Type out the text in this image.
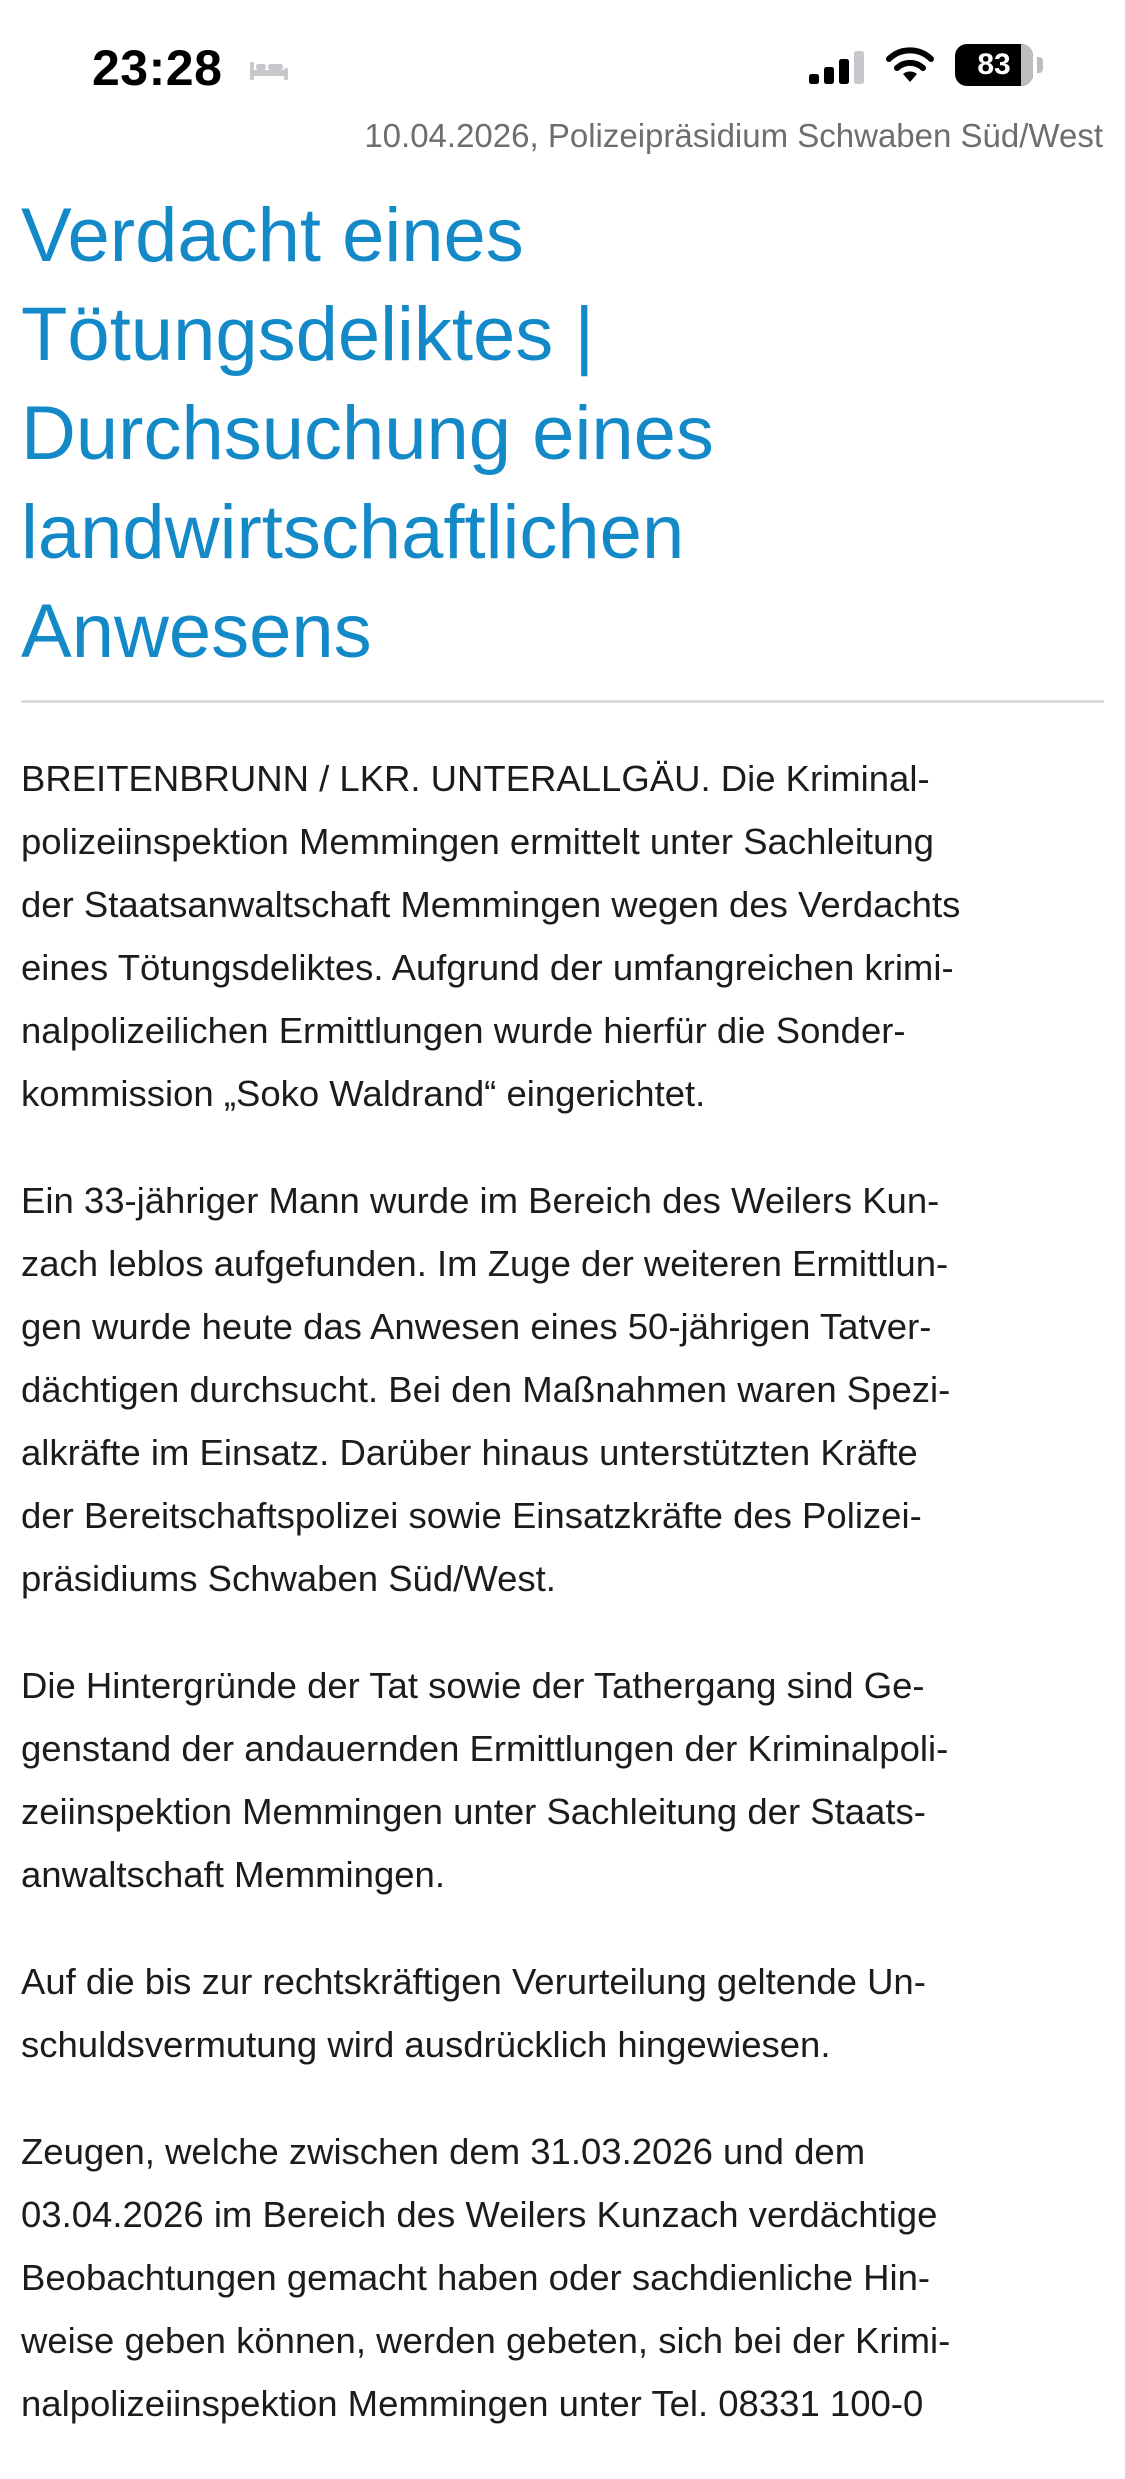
23:28	83
10.04.2026, Polizeipräsidium Schwaben Süd/West
Verdacht eines
Tötungsdeliktes |
Durchsuchung eines
landwirtschaftlichen
Anwesens

BREITENBRUNN / LKR. UNTERALLGÄU. Die Kriminal-
polizeiinspektion Memmingen ermittelt unter Sachleitung
der Staatsanwaltschaft Memmingen wegen des Verdachts
eines Tötungsdeliktes. Aufgrund der umfangreichen krimi-
nalpolizeilichen Ermittlungen wurde hierfür die Sonder-
kommission „Soko Waldrand“ eingerichtet.

Ein 33-jähriger Mann wurde im Bereich des Weilers Kun-
zach leblos aufgefunden. Im Zuge der weiteren Ermittlun-
gen wurde heute das Anwesen eines 50-jährigen Tatver-
dächtigen durchsucht. Bei den Maßnahmen waren Spezi-
alkräfte im Einsatz. Darüber hinaus unterstützten Kräfte
der Bereitschaftspolizei sowie Einsatzkräfte des Polizei-
präsidiums Schwaben Süd/West.

Die Hintergründe der Tat sowie der Tathergang sind Ge-
genstand der andauernden Ermittlungen der Kriminalpoli-
zeiinspektion Memmingen unter Sachleitung der Staats-
anwaltschaft Memmingen.

Auf die bis zur rechtskräftigen Verurteilung geltende Un-
schuldsvermutung wird ausdrücklich hingewiesen.

Zeugen, welche zwischen dem 31.03.2026 und dem
03.04.2026 im Bereich des Weilers Kunzach verdächtige
Beobachtungen gemacht haben oder sachdienliche Hin-
weise geben können, werden gebeten, sich bei der Krimi-
nalpolizeiinspektion Memmingen unter Tel. 08331 100-0
